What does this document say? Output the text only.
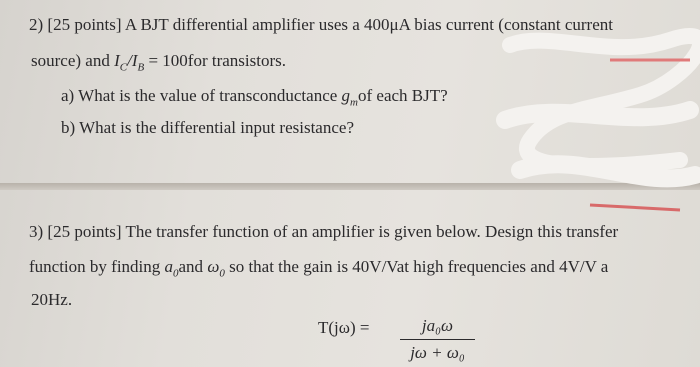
2) [25 points] A BJT differential amplifier uses a 400μA bias current (constant current
source) and $I_C/I_B = 100for$ transistors.
a) What is the value of transconductance $g_mof$ each BJT?
b) What is the differential input resistance?
3) [25 points] The transfer function of an amplifier is given below. Design this transfer
function by finding $a_0and$ $\omega_0$ so that the gain is 40V/Vat high frequencies and 4V/V a
20Hz.
T(jω) =	ja₀ω
jω + ω₀
